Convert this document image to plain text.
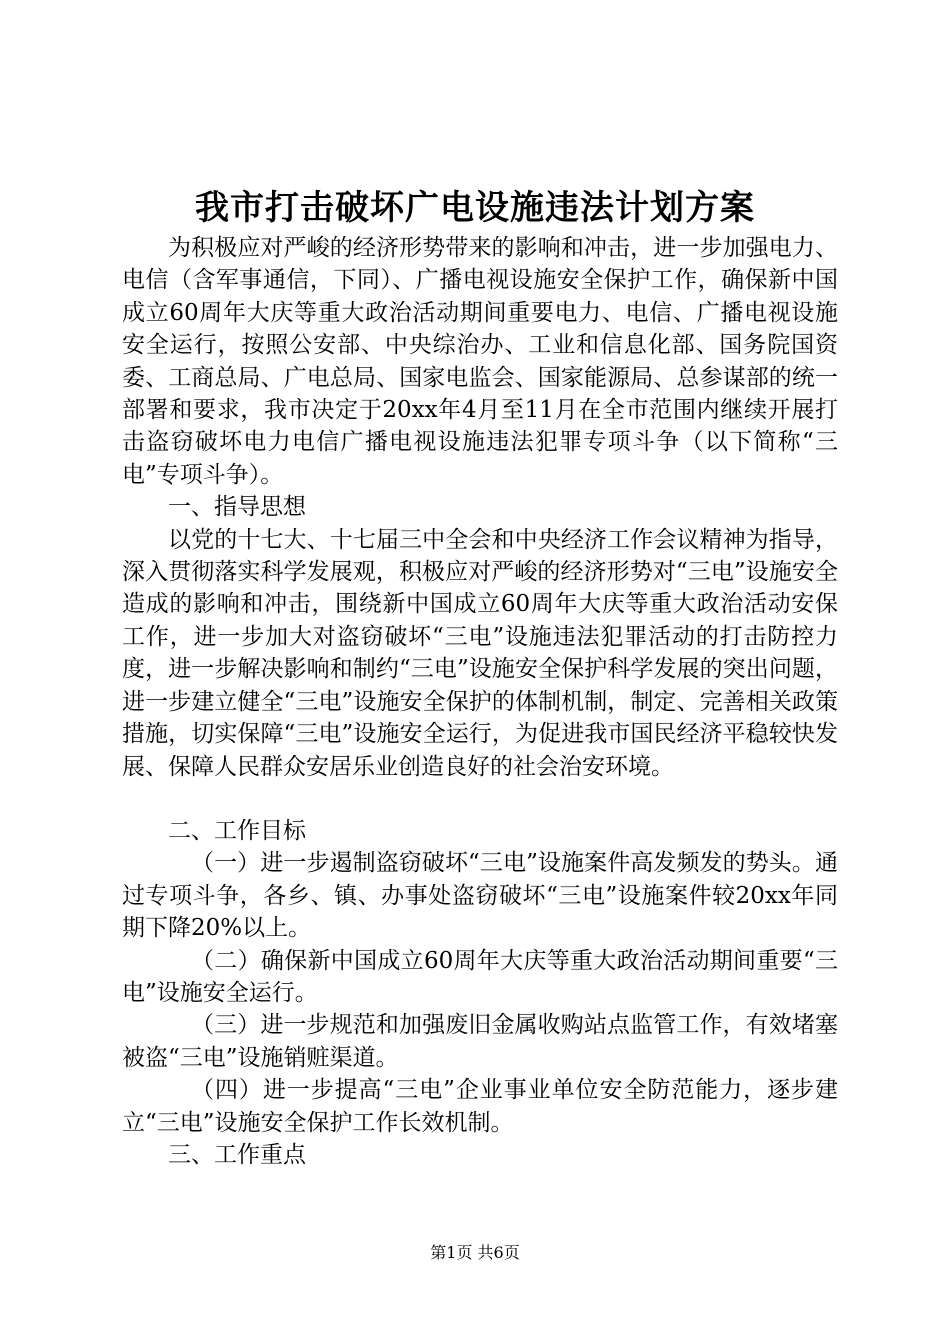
我市打击破坏广电设施违法计划方案

为积极应对严峻的经济形势带来的影响和冲击，进一步加强电力、电信（含军事通信，下同）、广播电视设施安全保护工作，确保新中国成立60周年大庆等重大政治活动期间重要电力、电信、广播电视设施安全运行，按照公安部、中央综治办、工业和信息化部、国务院国资委、工商总局、广电总局、国家电监会、国家能源局、总参谋部的统一部署和要求，我市决定于20xx年4月至11月在全市范围内继续开展打击盗窃破坏电力电信广播电视设施违法犯罪专项斗争（以下简称“三电”专项斗争）。

一、指导思想

以党的十七大、十七届三中全会和中央经济工作会议精神为指导，深入贯彻落实科学发展观，积极应对严峻的经济形势对“三电”设施安全造成的影响和冲击，围绕新中国成立60周年大庆等重大政治活动安保工作，进一步加大对盗窃破坏“三电”设施违法犯罪活动的打击防控力度，进一步解决影响和制约“三电”设施安全保护科学发展的突出问题，进一步建立健全“三电”设施安全保护的体制机制，制定、完善相关政策措施，切实保障“三电”设施安全运行，为促进我市国民经济平稳较快发展、保障人民群众安居乐业创造良好的社会治安环境。

二、工作目标

（一）进一步遏制盗窃破坏“三电”设施案件高发频发的势头。通过专项斗争，各乡、镇、办事处盗窃破坏“三电”设施案件较20xx年同期下降20%以上。

（二）确保新中国成立60周年大庆等重大政治活动期间重要“三电”设施安全运行。

（三）进一步规范和加强废旧金属收购站点监管工作，有效堵塞被盗“三电”设施销赃渠道。

（四）进一步提高“三电”企业事业单位安全防范能力，逐步建立“三电”设施安全保护工作长效机制。

三、工作重点

第1页 共6页
